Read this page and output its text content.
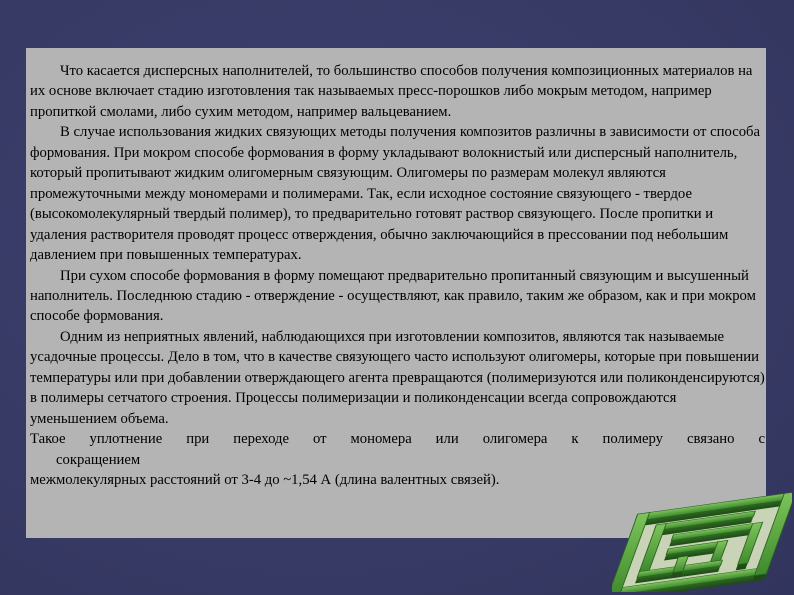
Что касается дисперсных наполнителей, то большинство способов получения композиционных материалов на их основе включает стадию изготовления так называемых пресс-порошков либо мокрым методом, например пропиткой смолами, либо сухим методом, например вальцеванием.

В случае использования жидких связующих методы получения композитов различны в зависимости от способа формования. При мокром способе формования в форму укладывают волокнистый или дисперсный наполнитель, который пропитывают жидким олигомерным связующим. Олигомеры по размерам молекул являются промежуточными между мономерами и полимерами. Так, если исходное состояние связующего - твердое (высокомолекулярный твердый полимер), то предварительно готовят раствор связующего. После пропитки и удаления растворителя проводят процесс отверждения, обычно заключающийся в прессовании под небольшим давлением при повышенных температурах.

При сухом способе формования в форму помещают предварительно пропитанный связующим и высушенный наполнитель. Последнюю стадию - отверждение - осуществляют, как правило, таким же образом, как и при мокром способе формования.

Одним из неприятных явлений, наблюдающихся при изготовлении композитов, являются так называемые усадочные процессы. Дело в том, что в качестве связующего часто используют олигомеры, которые при повышении температуры или при добавлении отверждающего агента превращаются (полимеризуются или поликонденсируются) в полимеры сетчатого строения. Процессы полимеризации и поликонденсации всегда сопровождаются уменьшением объема.

Такое уплотнение при переходе от мономера или олигомера к полимеру связано с

сокращением

межмолекулярных расстояний от 3-4 до ~1,54 А (длина валентных связей).
